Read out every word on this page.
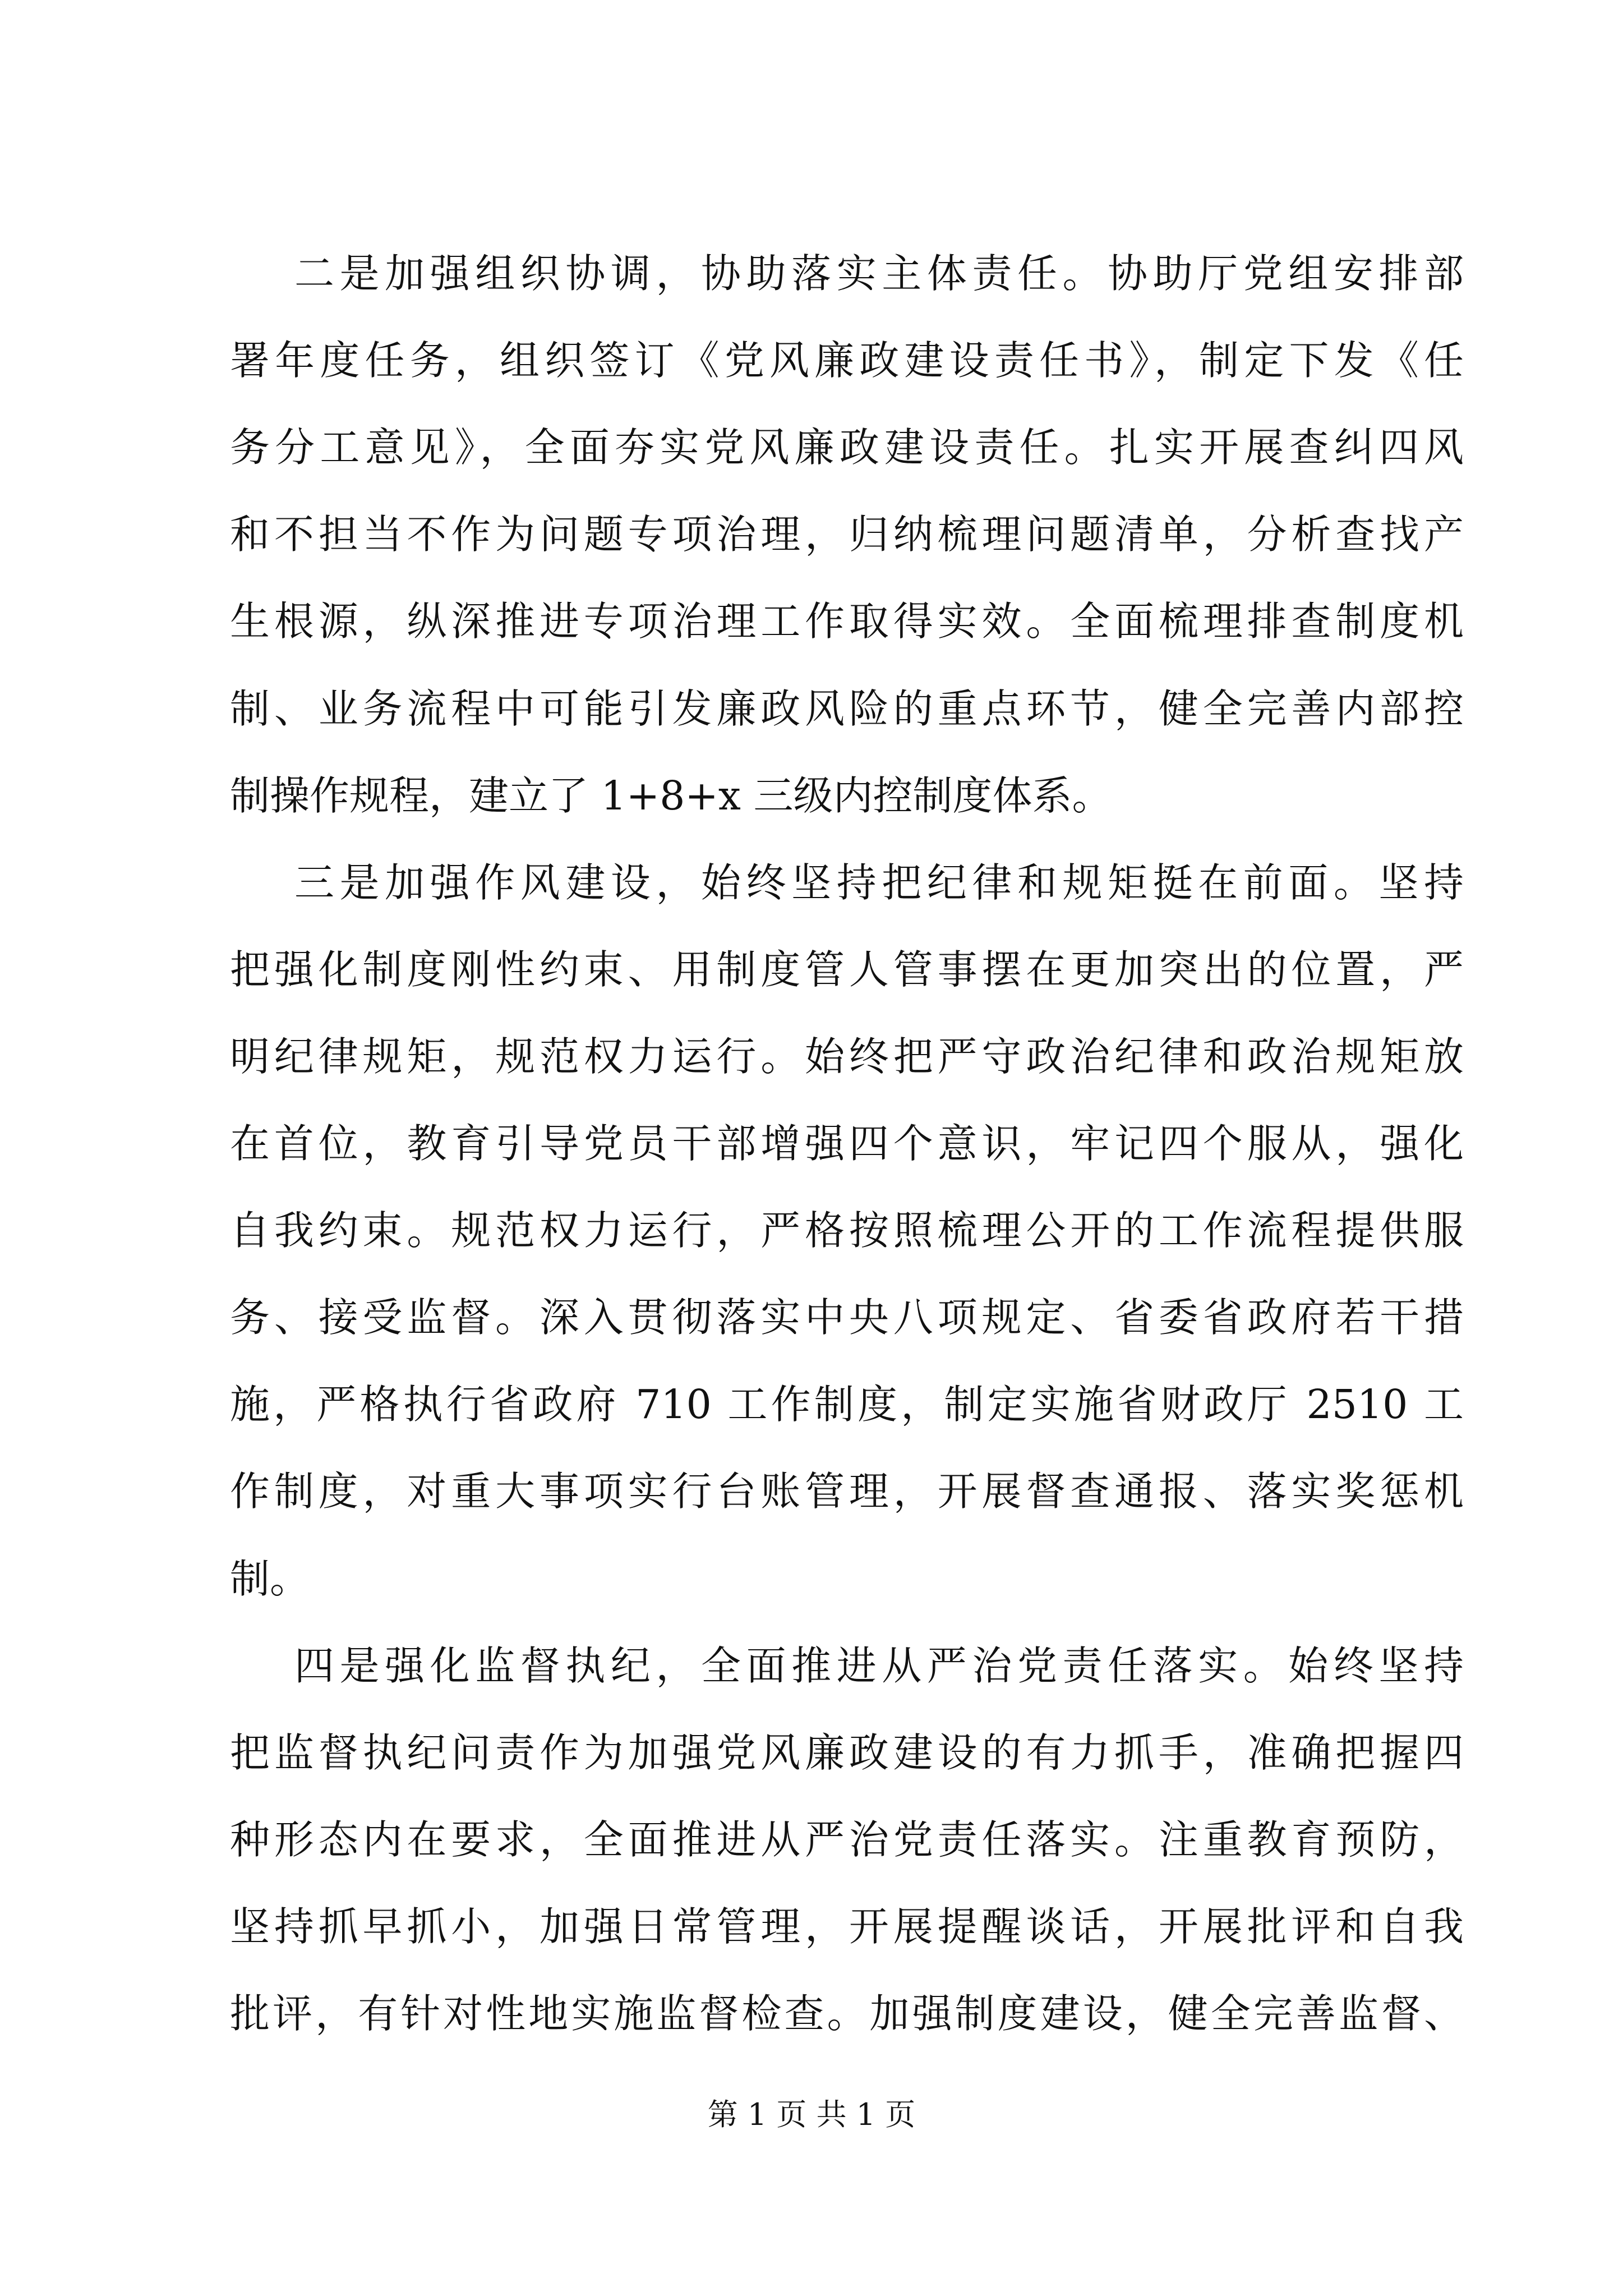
二是加强组织协调，协助落实主体责任。协助厅党组安排部
署年度任务，组织签订《党风廉政建设责任书》，制定下发《任
务分工意见》，全面夯实党风廉政建设责任。扎实开展查纠四风
和不担当不作为问题专项治理，归纳梳理问题清单，分析查找产
生根源，纵深推进专项治理工作取得实效。全面梳理排查制度机
制、业务流程中可能引发廉政风险的重点环节，健全完善内部控
制操作规程，建立了 1+8+x 三级内控制度体系。
三是加强作风建设，始终坚持把纪律和规矩挺在前面。坚持
把强化制度刚性约束、用制度管人管事摆在更加突出的位置，严
明纪律规矩，规范权力运行。始终把严守政治纪律和政治规矩放
在首位，教育引导党员干部增强四个意识，牢记四个服从，强化
自我约束。规范权力运行，严格按照梳理公开的工作流程提供服
务、接受监督。深入贯彻落实中央八项规定、省委省政府若干措
施，严格执行省政府 710 工作制度，制定实施省财政厅 2510 工
作制度，对重大事项实行台账管理，开展督查通报、落实奖惩机
制。
四是强化监督执纪，全面推进从严治党责任落实。始终坚持
把监督执纪问责作为加强党风廉政建设的有力抓手，准确把握四
种形态内在要求，全面推进从严治党责任落实。注重教育预防，
坚持抓早抓小，加强日常管理，开展提醒谈话，开展批评和自我
批评，有针对性地实施监督检查。加强制度建设，健全完善监督、
第 1 页 共 1 页
